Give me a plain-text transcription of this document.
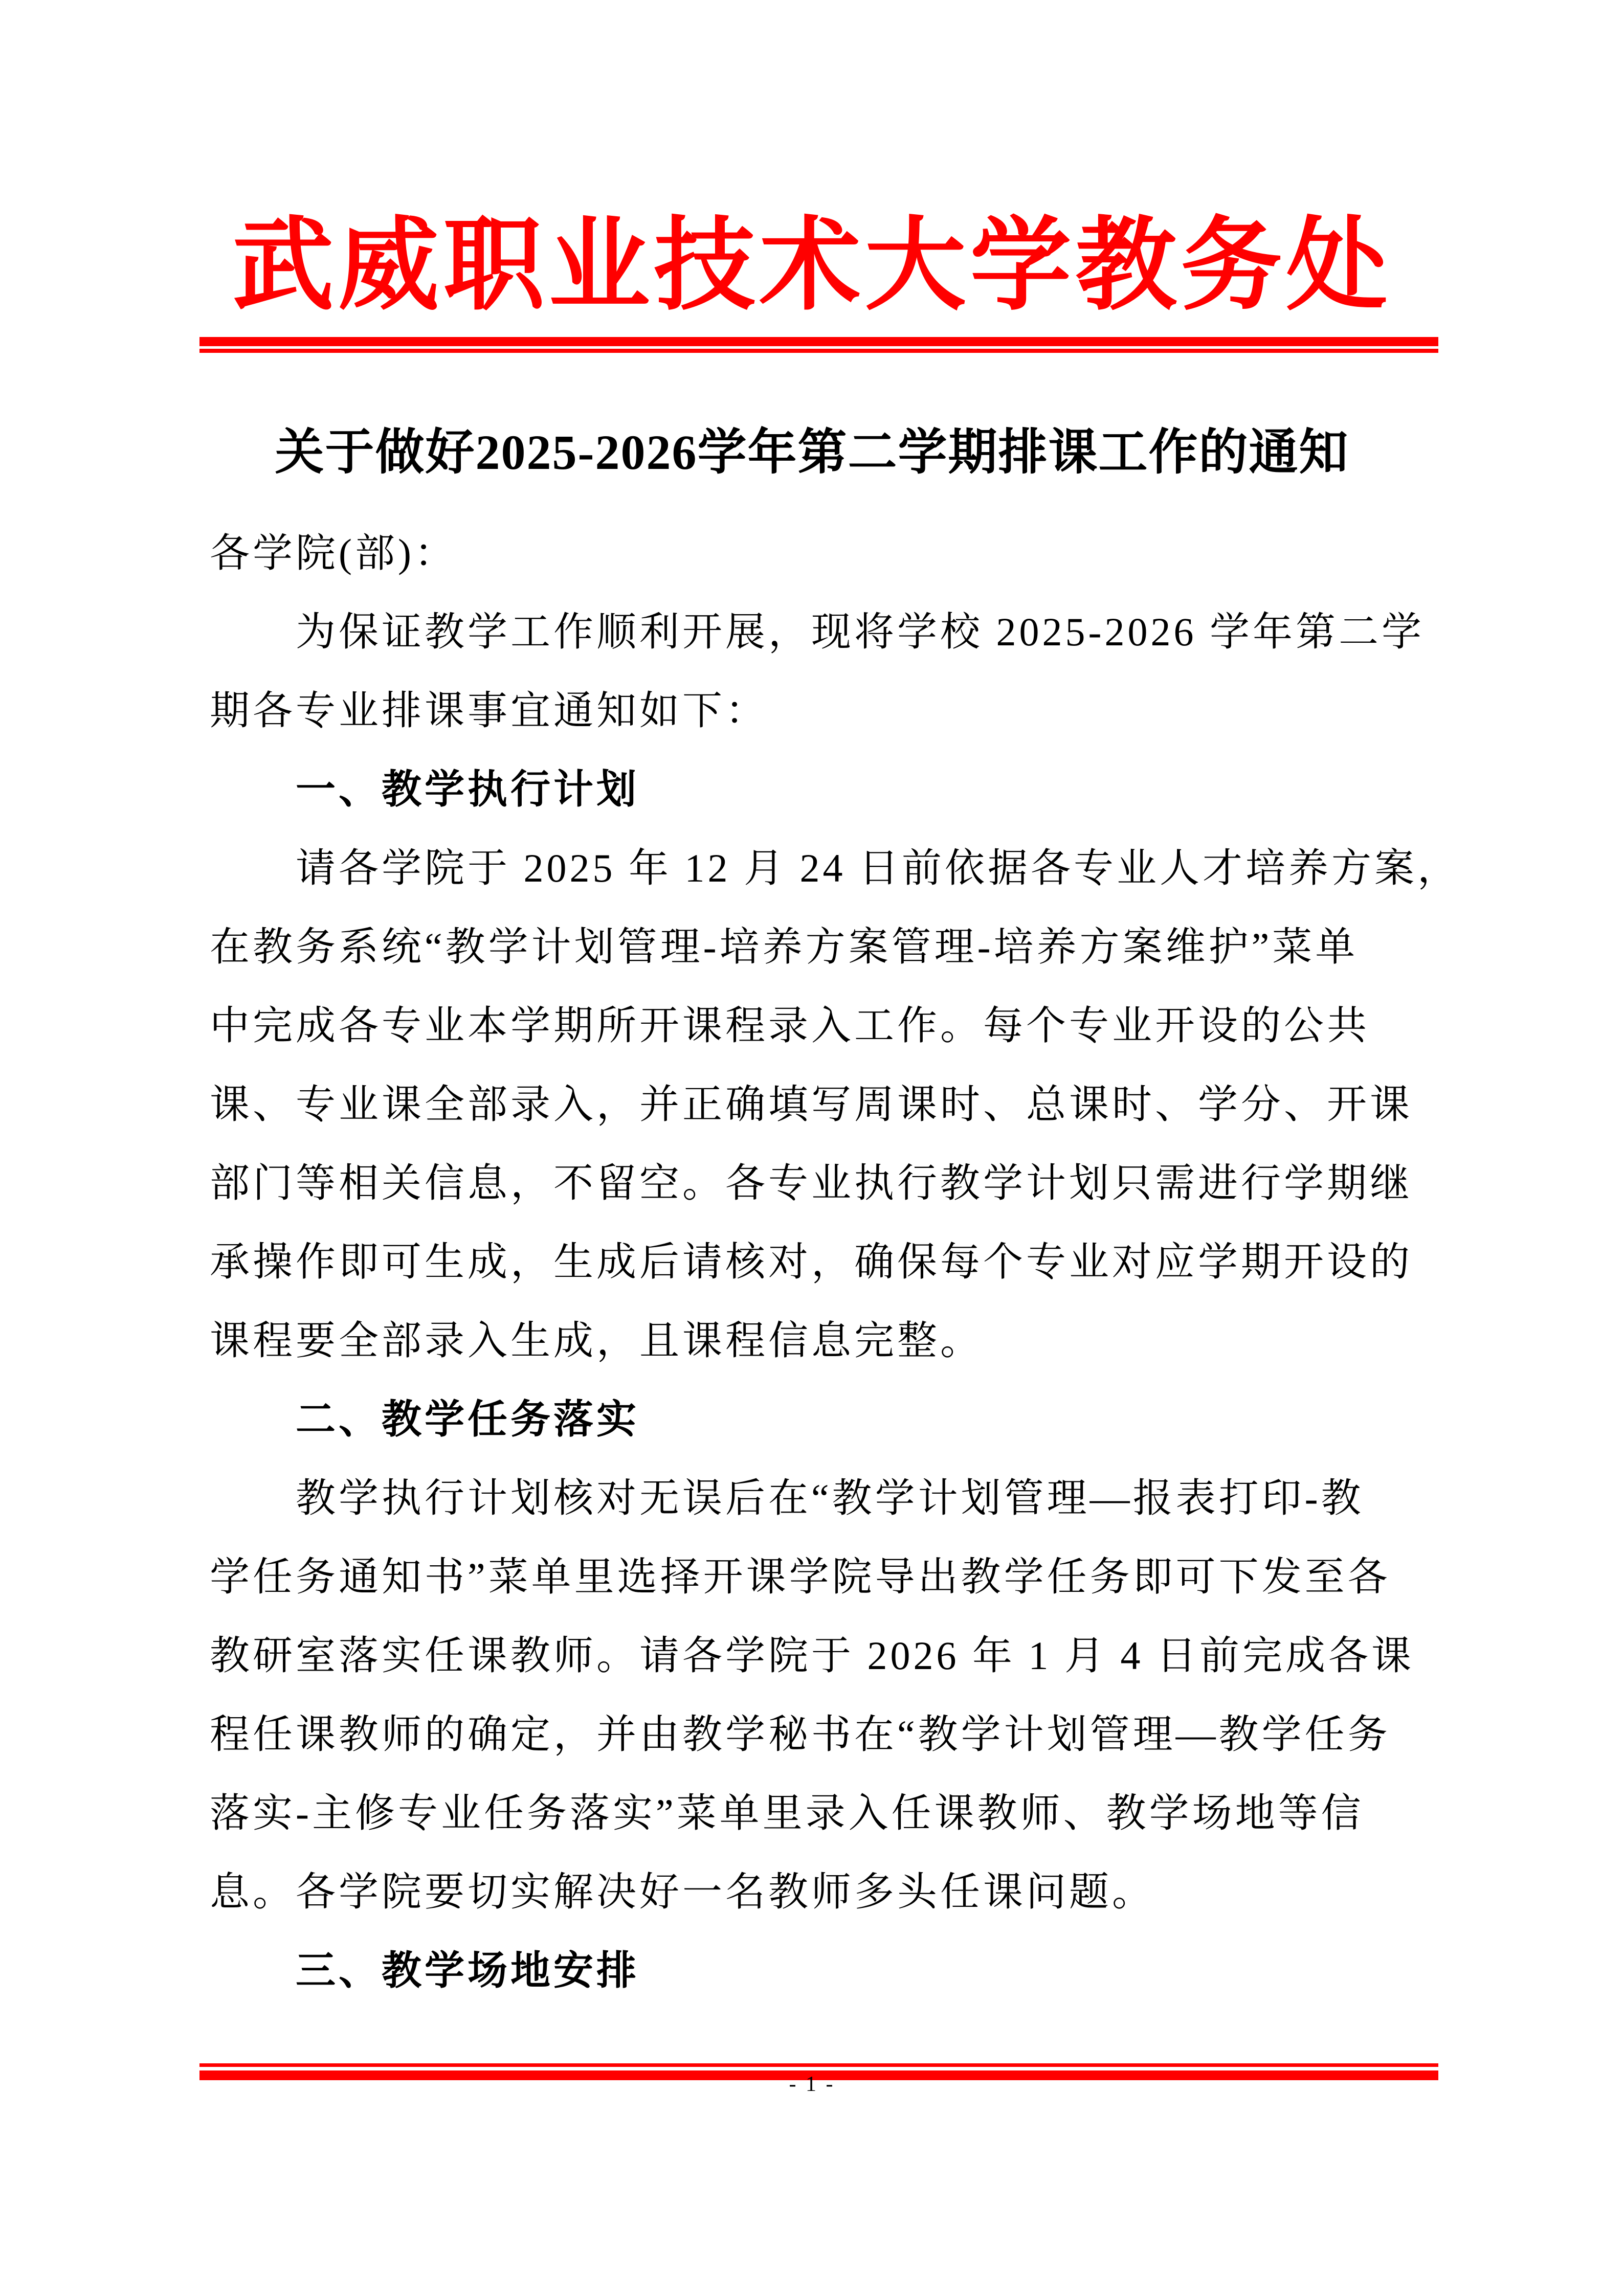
武威职业技术大学教务处
关于做好2025-2026学年第二学期排课工作的通知
各学院(部)：
为保证教学工作顺利开展，现将学校 2025-2026 学年第二学
期各专业排课事宜通知如下：
一、教学执行计划
请各学院于 2025 年 12 月 24 日前依据各专业人才培养方案，
在教务系统“教学计划管理-培养方案管理-培养方案维护”菜单
中完成各专业本学期所开课程录入工作。每个专业开设的公共
课、专业课全部录入，并正确填写周课时、总课时、学分、开课
部门等相关信息，不留空。各专业执行教学计划只需进行学期继
承操作即可生成，生成后请核对，确保每个专业对应学期开设的
课程要全部录入生成，且课程信息完整。
二、教学任务落实
教学执行计划核对无误后在“教学计划管理—报表打印-教
学任务通知书”菜单里选择开课学院导出教学任务即可下发至各
教研室落实任课教师。请各学院于 2026 年 1 月 4 日前完成各课
程任课教师的确定，并由教学秘书在“教学计划管理—教学任务
落实-主修专业任务落实”菜单里录入任课教师、教学场地等信
息。各学院要切实解决好一名教师多头任课问题。
三、教学场地安排
- 1 -
